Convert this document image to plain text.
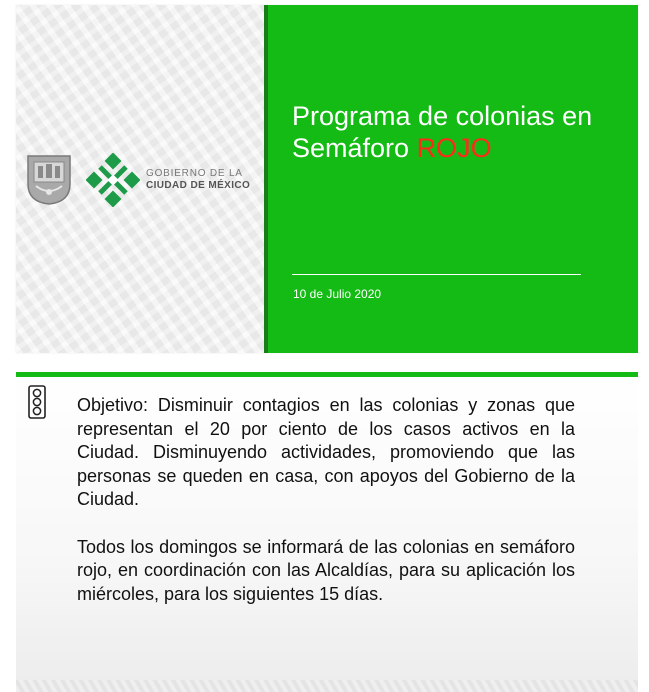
GOBIERNO DE LA
CIUDAD DE MÉXICO
Programa de colonias en
Semáforo ROJO
10 de Julio 2020

Objetivo: Disminuir contagios en las colonias y zonas que representan el 20 por ciento de los casos activos en la Ciudad. Disminuyendo actividades, promoviendo que las personas se queden en casa, con apoyos del Gobierno de la Ciudad.

Todos los domingos se informará de las colonias en semáforo rojo, en coordinación con las Alcaldías, para su aplicación los miércoles, para los siguientes 15 días.
